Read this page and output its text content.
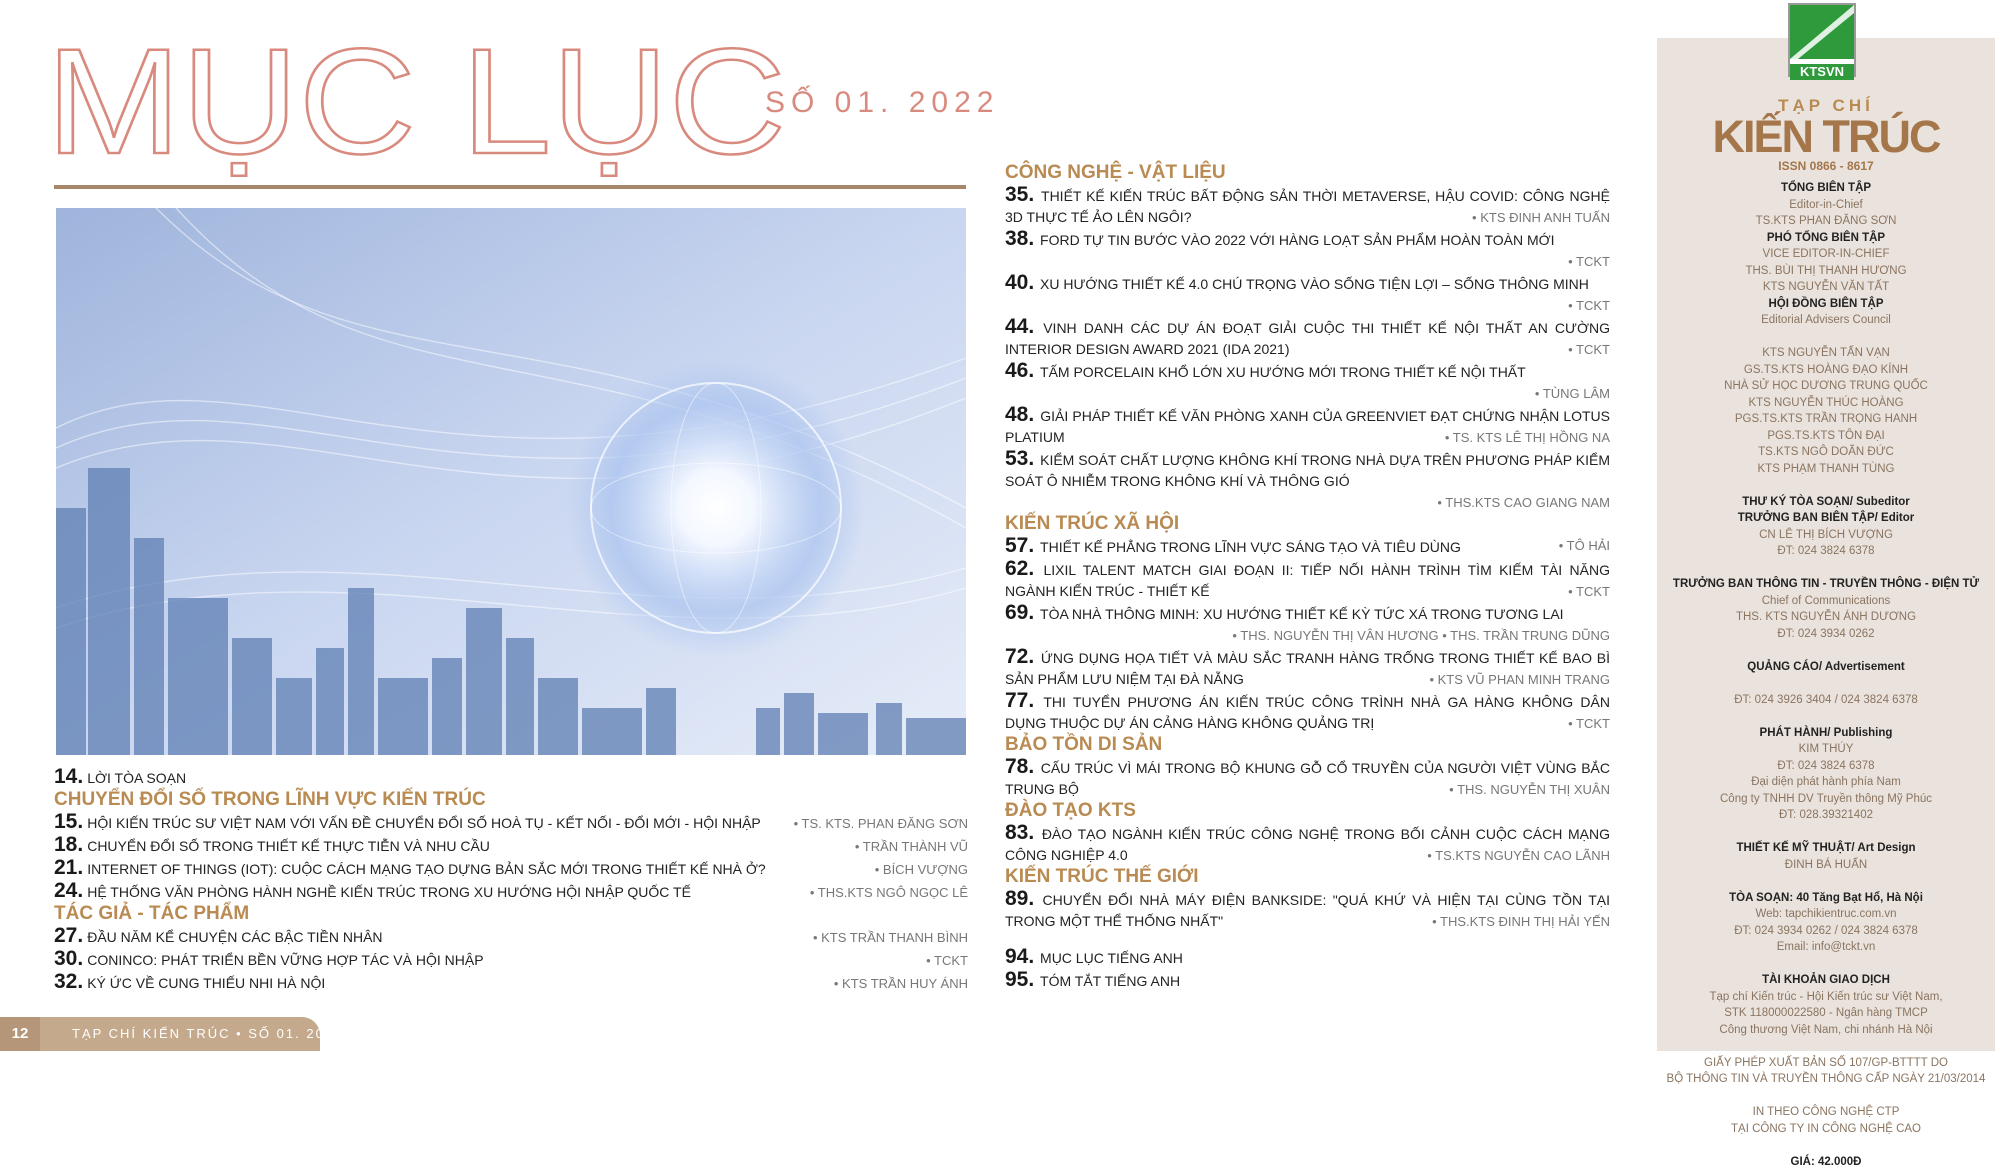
MỤC LỤC
SỐ 01. 2022
14. LỜI TÒA SOẠN
CHUYỂN ĐỔI SỐ TRONG LĨNH VỰC KIẾN TRÚC
15. HỘI KIẾN TRÚC SƯ VIỆT NAM VỚI VẤN ĐỀ CHUYỂN ĐỔI SỐ HOÀ TỤ - KẾT NỐI - ĐỔI MỚI - HỘI NHẬP	• TS. KTS. PHAN ĐĂNG SƠN
18. CHUYỂN ĐỔI SỐ TRONG THIẾT KẾ THỰC TIỄN VÀ NHU CẦU	• TRẦN THÀNH VŨ
21. INTERNET OF THINGS (IOT): CUỘC CÁCH MẠNG TẠO DỰNG BẢN SẮC MỚI TRONG THIẾT KẾ NHÀ Ở?	• BÍCH VƯỢNG
24. HỆ THỐNG VĂN PHÒNG HÀNH NGHỀ KIẾN TRÚC TRONG XU HƯỚNG HỘI NHẬP QUỐC TẾ	• THS.KTS NGÔ NGỌC LÊ
TÁC GIẢ - TÁC PHẨM
27. ĐẦU NĂM KỂ CHUYỆN CÁC BẬC TIỀN NHÂN	• KTS TRẦN THANH BÌNH
30. CONINCO: PHÁT TRIỂN BỀN VỮNG HỢP TÁC VÀ HỘI NHẬP	• TCKT
32. KÝ ỨC VỀ CUNG THIẾU NHI HÀ NỘI	• KTS TRẦN HUY ÁNH
CÔNG NGHỆ - VẬT LIỆU
35. THIẾT KẾ KIẾN TRÚC BẤT ĐỘNG SẢN THỜI METAVERSE, HẬU COVID: CÔNG NGHỆ 3D THỰC TẾ ẢO LÊN NGÔI?	• KTS ĐINH ANH TUẤN
38. FORD TỰ TIN BƯỚC VÀO 2022 VỚI HÀNG LOẠT SẢN PHẨM HOÀN TOÀN MỚI
• TCKT
40. XU HƯỚNG THIẾT KẾ 4.0 CHÚ TRỌNG VÀO SỐNG TIỆN LỢI – SỐNG THÔNG MINH
• TCKT
44. VINH DANH CÁC DỰ ÁN ĐOẠT GIẢI CUỘC THI THIẾT KẾ NỘI THẤT AN CƯỜNG INTERIOR DESIGN AWARD 2021 (IDA 2021)	• TCKT
46. TẤM PORCELAIN KHỔ LỚN XU HƯỚNG MỚI TRONG THIẾT KẾ NỘI THẤT
• TÙNG LÂM
48. GIẢI PHÁP THIẾT KẾ VĂN PHÒNG XANH CỦA GREENVIET ĐẠT CHỨNG NHẬN LOTUS PLATIUM	• TS. KTS LÊ THỊ HỒNG NA
53. KIỂM SOÁT CHẤT LƯỢNG KHÔNG KHÍ TRONG NHÀ DỰA TRÊN PHƯƠNG PHÁP KIỂM SOÁT Ô NHIỄM TRONG KHÔNG KHÍ VÀ THÔNG GIÓ
• THS.KTS CAO GIANG NAM
KIẾN TRÚC XÃ HỘI
57. THIẾT KẾ PHẲNG TRONG LĨNH VỰC SÁNG TẠO VÀ TIÊU DÙNG	• TÔ HẢI
62. LIXIL TALENT MATCH GIAI ĐOẠN II: TIẾP NỐI HÀNH TRÌNH TÌM KIẾM TÀI NĂNG NGÀNH KIẾN TRÚC - THIẾT KẾ	• TCKT
69. TÒA NHÀ THÔNG MINH: XU HƯỚNG THIẾT KẾ KỲ TỨC XÁ TRONG TƯƠNG LAI
• THS. NGUYỄN THỊ VÂN HƯƠNG • THS. TRẦN TRUNG DŨNG
72. ỨNG DỤNG HỌA TIẾT VÀ MÀU SẮC TRANH HÀNG TRỐNG TRONG THIẾT KẾ BAO BÌ SẢN PHẨM LƯU NIỆM TẠI ĐÀ NẴNG	• KTS VŨ PHAN MINH TRANG
77. THI TUYỂN PHƯƠNG ÁN KIẾN TRÚC CÔNG TRÌNH NHÀ GA HÀNG KHÔNG DÂN DỤNG THUỘC DỰ ÁN CẢNG HÀNG KHÔNG QUẢNG TRỊ	• TCKT
BẢO TỒN DI SẢN
78. CẤU TRÚC VÌ MÁI TRONG BỘ KHUNG GỖ CỔ TRUYỀN CỦA NGƯỜI VIỆT VÙNG BẮC TRUNG BỘ	• THS. NGUYỄN THỊ XUÂN
ĐÀO TẠO KTS
83. ĐÀO TẠO NGÀNH KIẾN TRÚC CÔNG NGHỆ TRONG BỐI CẢNH CUỘC CÁCH MẠNG CÔNG NGHIỆP 4.0	• TS.KTS NGUYỄN CAO LÃNH
KIẾN TRÚC THẾ GIỚI
89. CHUYỂN ĐỔI NHÀ MÁY ĐIỆN BANKSIDE: "QUÁ KHỨ VÀ HIỆN TẠI CÙNG TỒN TẠI TRONG MỘT THỂ THỐNG NHẤT"	• THS.KTS ĐINH THỊ HẢI YẾN
94. MỤC LỤC TIẾNG ANH
95. TÓM TẮT TIẾNG ANH
12	TẠP CHÍ KIẾN TRÚC • SỐ 01. 2022
KTSVN
TẠP CHÍ
KIẾN TRÚC
ISSN 0866 - 8617
TỔNG BIÊN TẬP
Editor-in-Chief
TS.KTS PHAN ĐĂNG SƠN
PHÓ TỔNG BIÊN TẬP
VICE EDITOR-IN-CHIEF
THS. BÙI THỊ THANH HƯƠNG
KTS NGUYỄN VĂN TẤT
HỘI ĐỒNG BIÊN TẬP
Editorial Advisers Council

KTS NGUYỄN TẤN VẠN
GS.TS.KTS HOÀNG ĐẠO KÍNH
NHÀ SỬ HỌC DƯƠNG TRUNG QUỐC
KTS NGUYỄN THÚC HOÀNG
PGS.TS.KTS TRẦN TRỌNG HANH
PGS.TS.KTS TÔN ĐẠI
TS.KTS NGÔ DOÃN ĐỨC
KTS PHẠM THANH TÙNG

THƯ KÝ TÒA SOẠN/ Subeditor
TRƯỞNG BAN BIÊN TẬP/ Editor
CN LÊ THỊ BÍCH VƯỢNG
ĐT: 024 3824 6378

TRƯỞNG BAN THÔNG TIN - TRUYỀN THÔNG - ĐIỆN TỬ
Chief of Communications
THS. KTS NGUYỄN ÁNH DƯƠNG
ĐT: 024 3934 0262

QUẢNG CÁO/ Advertisement

ĐT: 024 3926 3404 / 024 3824 6378

PHÁT HÀNH/ Publishing
KIM THÚY
ĐT: 024 3824 6378
Đại diện phát hành phía Nam
Công ty TNHH DV Truyền thông Mỹ Phúc
ĐT: 028.39321402

THIẾT KẾ MỸ THUẬT/ Art Design
ĐINH BÁ HUẤN

TÒA SOẠN: 40 Tăng Bạt Hổ, Hà Nội
Web: tapchikientruc.com.vn
ĐT: 024 3934 0262 / 024 3824 6378
Email: info@tckt.vn

TÀI KHOẢN GIAO DỊCH
Tạp chí Kiến trúc - Hội Kiến trúc sư Việt Nam,
STK 118000022580 - Ngân hàng TMCP
Công thương Việt Nam, chi nhánh Hà Nội

GIẤY PHÉP XUẤT BẢN SỐ 107/GP-BTTTT DO
BỘ THÔNG TIN VÀ TRUYỀN THÔNG CẤP NGÀY 21/03/2014

IN THEO CÔNG NGHỆ CTP
TẠI CÔNG TY IN CÔNG NGHỆ CAO

GIÁ: 42.000Đ
